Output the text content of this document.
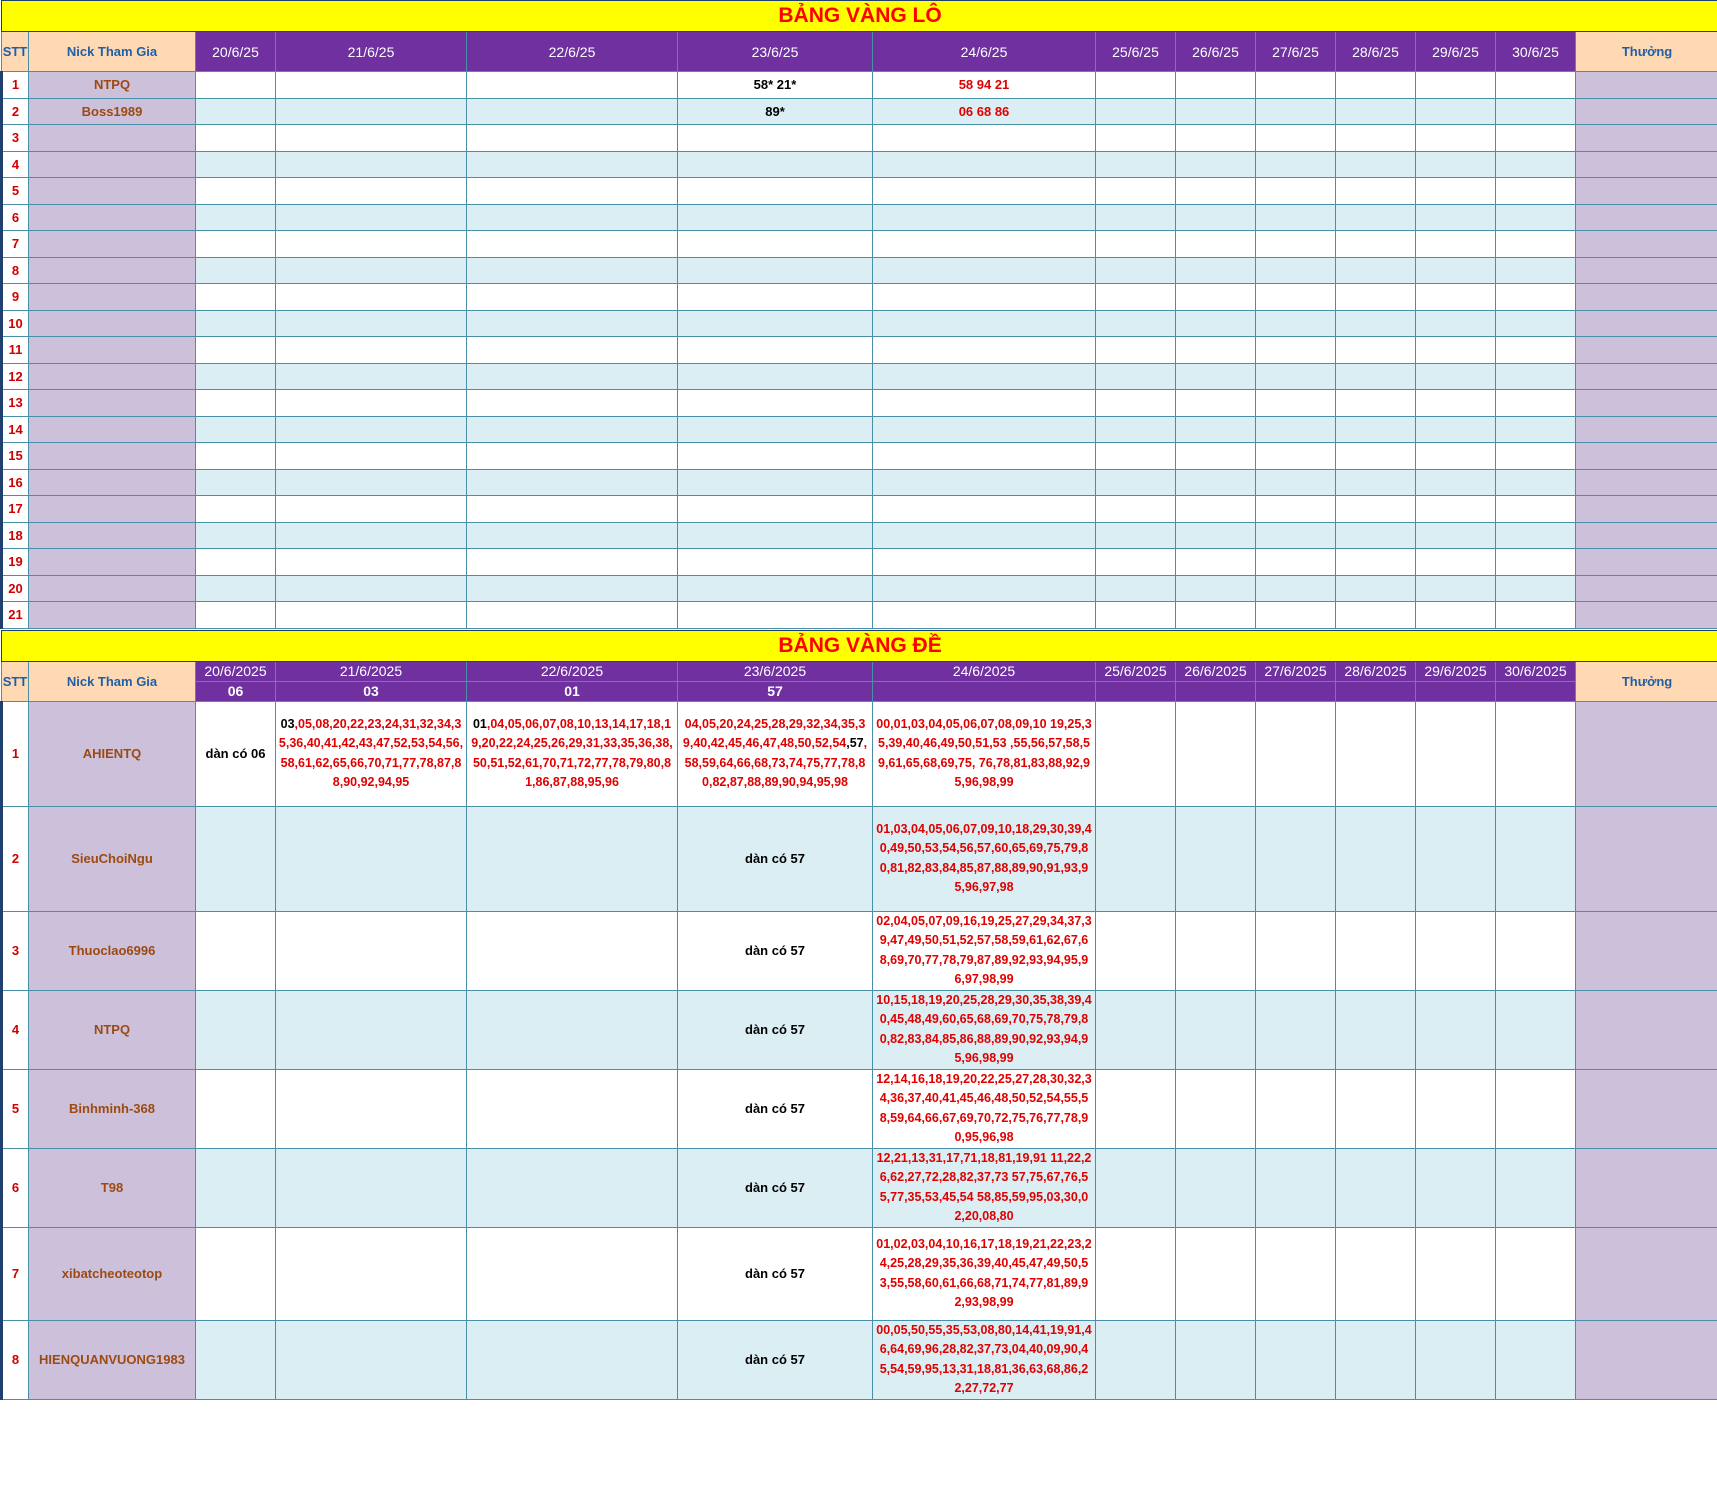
BẢNG VÀNG LÔ													
STT	Nick Tham Gia	20/6/25	21/6/25	22/6/25	23/6/25	24/6/25	25/6/25	26/6/25	27/6/25	28/6/25	29/6/25	30/6/25	Thưởng
1	NTPQ				58* 21*	58 94 21							
2	Boss1989				89*	06 68 86							
3													
4													
5													
6													
7													
8													
9													
10													
11													
12													
13													
14													
15													
16													
17													
18													
19													
20													
21													
BẢNG VÀNG ĐỀ													
STT	Nick Tham Gia	20/6/2025	21/6/2025	22/6/2025	23/6/2025	24/6/2025	25/6/2025	26/6/2025	27/6/2025	28/6/2025	29/6/2025	30/6/2025	Thưởng
		06	03	01	57								
1	AHIENTQ	dàn có 06	03,05,08,20,22,23,24,31,32,34,35,36,40,41,42,43,47,52,53,54,56,58,61,62,65,66,70,71,77,78,87,88,90,92,94,95	01,04,05,06,07,08,10,13,14,17,18,19,20,22,24,25,26,29,31,33,35,36,38,50,51,52,61,70,71,72,77,78,79,80,81,86,87,88,95,96	04,05,20,24,25,28,29,32,34,35,39,40,42,45,46,47,48,50,52,54,57,58,59,64,66,68,73,74,75,77,78,80,82,87,88,89,90,94,95,98	00,01,03,04,05,06,07,08,09,10 19,25,35,39,40,46,49,50,51,53 ,55,56,57,58,59,61,65,68,69,75, 76,78,81,83,88,92,95,96,98,99							
2	SieuChoiNgu				dàn có 57	01,03,04,05,06,07,09,10,18,29,30,39,40,49,50,53,54,56,57,60,65,69,75,79,80,81,82,83,84,85,87,88,89,90,91,93,95,96,97,98							
3	Thuoclao6996				dàn có 57	02,04,05,07,09,16,19,25,27,29,34,37,39,47,49,50,51,52,57,58,59,61,62,67,68,69,70,77,78,79,87,89,92,93,94,95,96,97,98,99							
4	NTPQ				dàn có 57	10,15,18,19,20,25,28,29,30,35,38,39,40,45,48,49,60,65,68,69,70,75,78,79,80,82,83,84,85,86,88,89,90,92,93,94,95,96,98,99							
5	Binhminh-368				dàn có 57	12,14,16,18,19,20,22,25,27,28,30,32,34,36,37,40,41,45,46,48,50,52,54,55,58,59,64,66,67,69,70,72,75,76,77,78,90,95,96,98							
6	T98				dàn có 57	12,21,13,31,17,71,18,81,19,91 11,22,26,62,27,72,28,82,37,73 57,75,67,76,55,77,35,53,45,54 58,85,59,95,03,30,02,20,08,80							
7	xibatcheoteotop				dàn có 57	01,02,03,04,10,16,17,18,19,21,22,23,24,25,28,29,35,36,39,40,45,47,49,50,53,55,58,60,61,66,68,71,74,77,81,89,92,93,98,99							
8	HIENQUANVUONG1983				dàn có 57	00,05,50,55,35,53,08,80,14,41,19,91,46,64,69,96,28,82,37,73,04,40,09,90,45,54,59,95,13,31,18,81,36,63,68,86,22,27,72,77							
